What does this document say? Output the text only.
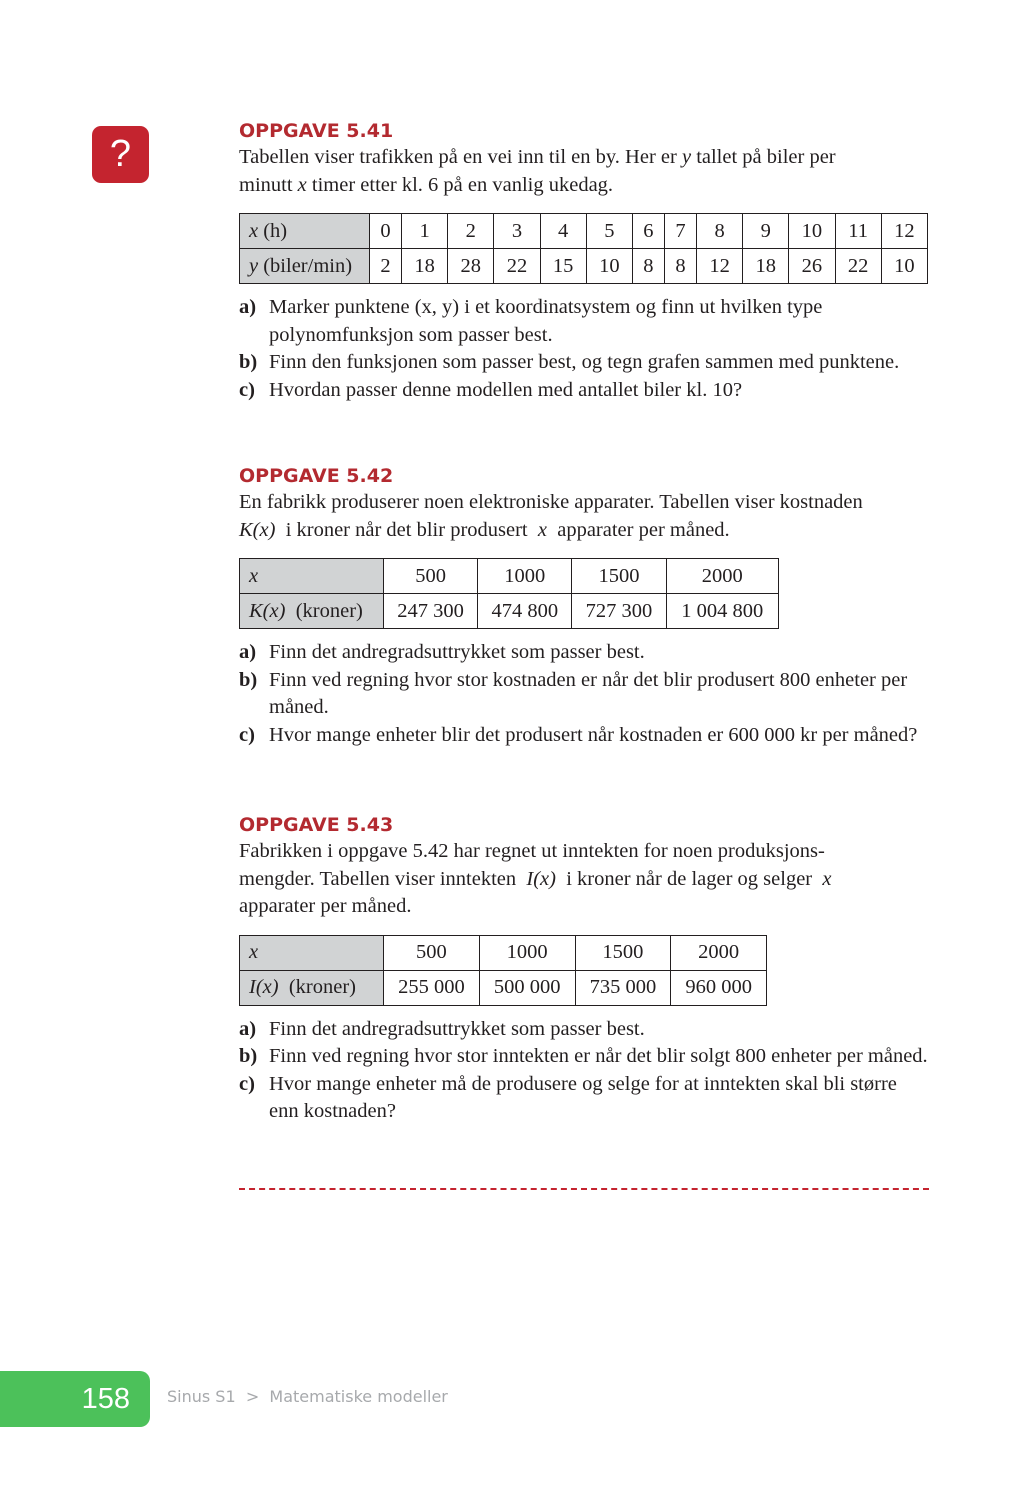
?
OPPGAVE 5.41

Tabellen viser trafikken på en vei inn til en by. Her er y tallet på biler per
minutt x timer etter kl. 6 på en vanlig ukedag.

x (h)	0	1	2	3	4	5	6	7	8	9	10	11	12
y (biler/min)	2	18	28	22	15	10	8	8	12	18	26	22	10
a) Marker punktene (x, y) i et koordinatsystem og finn ut hvilken type polynomfunksjon som passer best.
b) Finn den funksjonen som passer best, og tegn grafen sammen med punktene.
c) Hvordan passer denne modellen med antallet biler kl. 10?
OPPGAVE 5.42

En fabrikk produserer noen elektroniske apparater. Tabellen viser kostnaden
K(x)  i kroner når det blir produsert  x  apparater per måned.

x	500	1000	1500	2000
K(x)  (kroner)	247 300	474 800	727 300	1 004 800
a) Finn det andregradsuttrykket som passer best.
b) Finn ved regning hvor stor kostnaden er når det blir produsert 800 enheter per måned.
c) Hvor mange enheter blir det produsert når kostnaden er 600 000 kr per måned?
OPPGAVE 5.43

Fabrikken i oppgave 5.42 har regnet ut inntekten for noen produksjons-
mengder. Tabellen viser inntekten  I(x)  i kroner når de lager og selger  x
apparater per måned.

x	500	1000	1500	2000
I(x)  (kroner)	255 000	500 000	735 000	960 000
a) Finn det andregradsuttrykket som passer best.
b) Finn ved regning hvor stor inntekten er når det blir solgt 800 enheter per måned.
c) Hvor mange enheter må de produsere og selge for at inntekten skal bli større enn kostnaden?
158	Sinus S1  >  Matematiske modeller
